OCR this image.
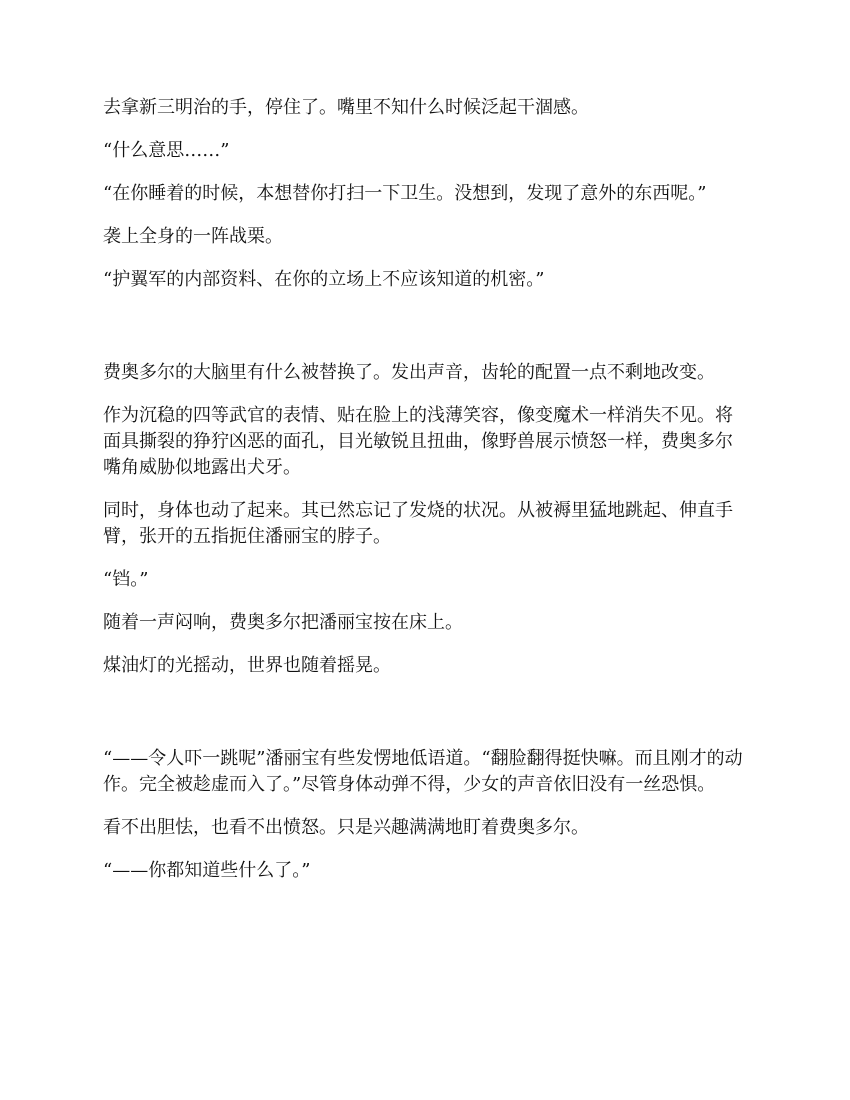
去拿新三明治的手，停住了。嘴里不知什么时候泛起干涸感。

“什么意思……”

“在你睡着的时候，本想替你打扫一下卫生。没想到，发现了意外的东西呢。”

袭上全身的一阵战栗。

“护翼军的内部资料、在你的立场上不应该知道的机密。”

费奥多尔的大脑里有什么被替换了。发出声音，齿轮的配置一点不剩地改变。

作为沉稳的四等武官的表情、贴在脸上的浅薄笑容，像变魔术一样消失不见。将面具撕裂的狰狞凶恶的面孔，目光敏锐且扭曲，像野兽展示愤怒一样，费奥多尔嘴角威胁似地露出犬牙。

同时，身体也动了起来。其已然忘记了发烧的状况。从被褥里猛地跳起、伸直手臂，张开的五指扼住潘丽宝的脖子。

“铛。”

随着一声闷响，费奥多尔把潘丽宝按在床上。

煤油灯的光摇动，世界也随着摇晃。

“——令人吓一跳呢”潘丽宝有些发愣地低语道。“翻脸翻得挺快嘛。而且刚才的动作。完全被趁虚而入了。”尽管身体动弹不得，少女的声音依旧没有一丝恐惧。

看不出胆怯，也看不出愤怒。只是兴趣满满地盯着费奥多尔。

“——你都知道些什么了。”
